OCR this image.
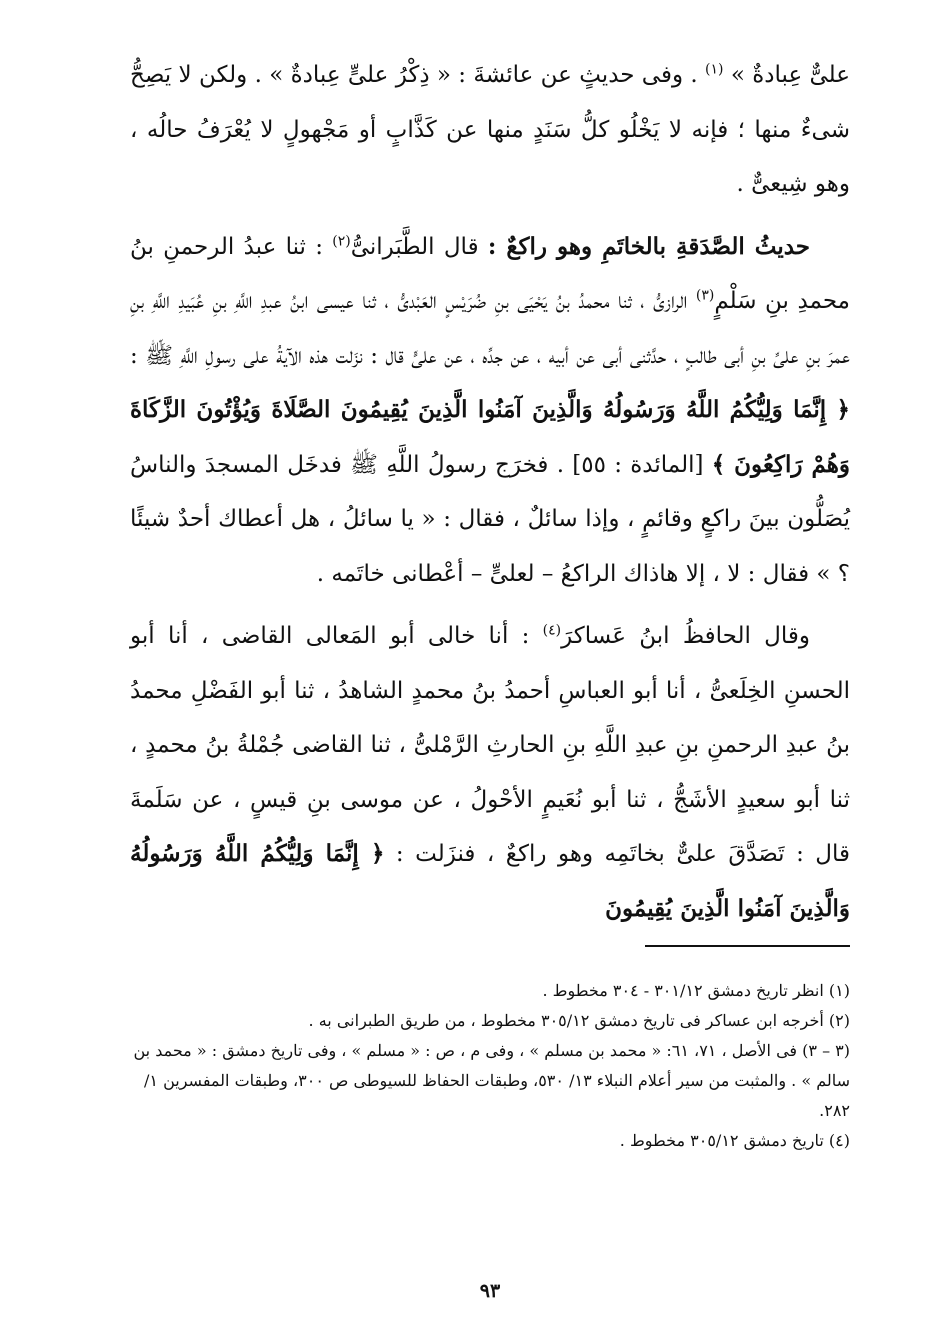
علىٌّ عِبادةٌ » $^{(١)}$ . وفى حديثٍ عن عائشةَ : « ذِكْرُ علىٍّ عِبادةٌ » . ولكن لا يَصِحُّ شىءٌ منها ؛ فإنه لا يَخْلُو كلُّ سَنَدٍ منها عن كَذَّابٍ أو مَجْهولٍ لا يُعْرَفُ حالُه ، وهو شِيعىٌّ .

حديثُ الصَّدَقةِ بالخاتَمِ وهو راكعٌ : قال الطَّبَرانىُّ$^{(٢)}$ : ثنا عبدُ الرحمنِ بنُ محمدِ بنِ سَلْمٍ$^{(٣)}$ الرازىُّ ، ثنا محمدُ بنُ يَحْيَى بنِ ضُرَيْسٍ العَبْدىُّ ، ثنا عيسى ابنُ عبدِ اللَّهِ بنِ عُبَيدِ اللَّهِ بنِ عمرَ بنِ علىِّ بنِ أبى طالبٍ ، حدَّثنى أبى عن أبيه ، عن جدِّه ، عن علىٍّ قال : نزَلت هذه الآيةُ على رسولِ اللَّهِ ﷺ : ﴿ إِنَّمَا وَلِيُّكُمُ اللَّهُ وَرَسُولُهُ وَالَّذِينَ آمَنُوا الَّذِينَ يُقِيمُونَ الصَّلَاةَ وَيُؤْتُونَ الزَّكَاةَ وَهُمْ رَاكِعُونَ ﴾ [المائدة : ٥٥] . فخرَج رسولُ اللَّهِ ﷺ فدخَل المسجدَ والناسُ يُصَلُّون بينَ راكعٍ وقائمٍ ، وإذا سائلٌ ، فقال : « يا سائلُ ، هل أعطاك أحدٌ شيئًا ؟ » فقال : لا ، إلا هاذاك الراكعُ – لعلىٍّ – أعْطانى خاتَمه .

وقال الحافظُ ابنُ عَساكرَ$^{(٤)}$ : أنا خالى أبو المَعالى القاضى ، أنا أبو الحسنِ الخِلَعىُّ ، أنا أبو العباسِ أحمدُ بنُ محمدٍ الشاهدُ ، ثنا أبو الفَضْلِ محمدُ بنُ عبدِ الرحمنِ بنِ عبدِ اللَّهِ بنِ الحارثِ الرَّمْلىُّ ، ثنا القاضى جُمْلةُ بنُ محمدٍ ، ثنا أبو سعيدٍ الأشَجُّ ، ثنا أبو نُعَيمٍ الأحْولُ ، عن موسى بنِ قيسٍ ، عن سَلَمةَ قال : تَصَدَّقَ علىٌّ بخاتَمِه وهو راكعٌ ، فنزَلت : ﴿ إِنَّمَا وَلِيُّكُمُ اللَّهُ وَرَسُولُهُ وَالَّذِينَ آمَنُوا الَّذِينَ يُقِيمُونَ

(١) انظر تاريخ دمشق ٣٠١/١٢ - ٣٠٤ مخطوط .

(٢) أخرجه ابن عساكر فى تاريخ دمشق ٣٠٥/١٢ مخطوط ، من طريق الطبرانى به .

(٣ – ٣) فى الأصل ، ٧١، ٦١: « محمد بن مسلم » ، وفى م ، ص : « مسلم » ، وفى تاريخ دمشق : « محمد بن سالم » . والمثبت من سير أعلام النبلاء ١٣/ ٥٣٠، وطبقات الحفاظ للسيوطى ص ٣٠٠، وطبقات المفسرين ١/ ٢٨٢.

(٤) تاريخ دمشق ٣٠٥/١٢ مخطوط .

٩٣
